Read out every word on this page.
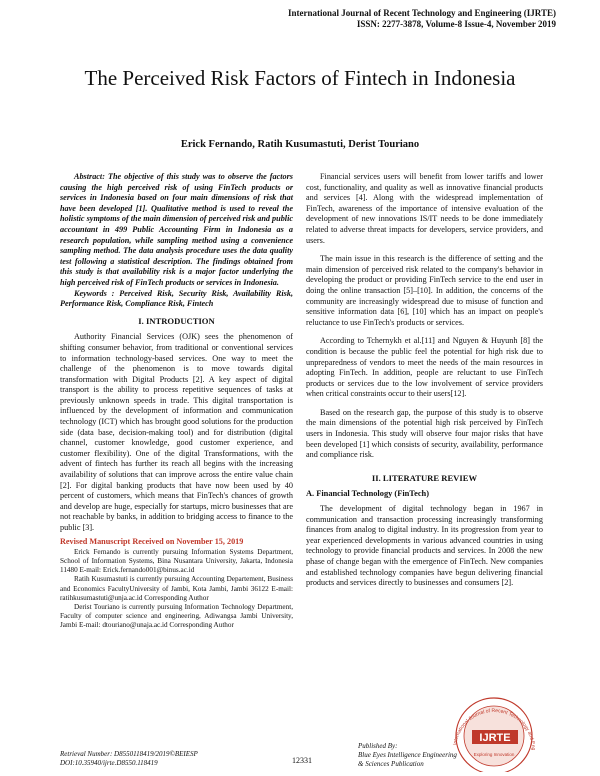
International Journal of Recent Technology and Engineering (IJRTE)
ISSN: 2277-3878, Volume-8 Issue-4, November 2019
The Perceived Risk Factors of Fintech in Indonesia
Erick Fernando, Ratih Kusumastuti, Derist Touriano

Abstract: The objective of this study was to observe the factors causing the high perceived risk of using FinTech products or services in Indonesia based on four main dimensions of risk that have been developed [1]. Qualitative method is used to reveal the holistic symptoms of the main dimension of perceived risk and public accountant in 499 Public Accounting Firm in Indonesia as a research population, while sampling method using a convenience sampling method. The data analysis procedure uses the data quality test following a statistical description. The findings obtained from this study is that availability risk is a major factor underlying the high perceived risk of FinTech products or services in Indonesia.

Keywords : Perceived Risk, Security Risk, Availability Risk, Performance Risk, Compliance Risk, Fintech

I. INTRODUCTION

Authority Financial Services (OJK) sees the phenomenon of shifting consumer behavior, from traditional or conventional services to information technology-based services. One way to meet the challenge of the phenomenon is to move towards digital transformation with Digital Products [2]. A key aspect of digital transport is the ability to process repetitive sequences of tasks at previously unknown speeds in trade. This digital transportation is influenced by the development of information and communication technology (ICT) which has brought good solutions for the production side (data base, decision-making tool) and for distribution (digital channel, customer knowledge, good customer experience, and customer flexibility). One of the digital Transformations, with the advent of fintech has further its reach all begins with the increasing availability of solutions that can improve across the entire value chain [2]. For digital banking products that have now been used by 40 percent of customers, which means that FinTech's chances of growth and develop are huge, especially for startups, micro businesses that are not reachable by banks, in addition to bridging access to finance to the public [3].

Revised Manuscript Received on November 15, 2019

Erick Fernando is currently pursuing Information Systems Department, School of Information Systems, Bina Nusantara University, Jakarta, Indonesia 11480 E-mail: Erick.fernando001@binus.ac.id

Ratih Kusumastuti is currently pursuing Accounting Departement, Business and Economics FacultyUniversity of Jambi, Kota Jambi, Jambi 36122 E-mail: ratihkusumastuti@unja.ac.id Corresponding Author

Derist Touriano is currently pursuing Information Technology Department, Faculty of computer science and engineering, Adiwangsa Jambi University, Jambi E-mail: dtouriano@unaja.ac.id Corresponding Author

Financial services users will benefit from lower tariffs and lower cost, functionality, and quality as well as innovative financial products and services [4]. Along with the widespread implementation of FinTech, awareness of the importance of intensive evaluation of the development of new innovations IS/IT needs to be done immediately related to adverse threat impacts for developers, service providers, and users.

The main issue in this research is the difference of setting and the main dimension of perceived risk related to the company's behavior in developing the product or providing FinTech service to the end user in doing the online transaction [5]–[10]. In addition, the concerns of the community are increasingly widespread due to misuse of function and sensitive information data [6], [10] which has an impact on people's reluctance to use FinTech's products or services.

According to Tchernykh et al.[11] and Nguyen & Huyunh [8] the condition is because the public feel the potential for high risk due to unpreparedness of vendors to meet the needs of the main resources in adopting FinTech. In addition, people are reluctant to use FinTech products or services due to the low involvement of service providers when critical constraints occur to their users[12].

Based on the research gap, the purpose of this study is to observe the main dimensions of the potential high risk perceived by FinTech users in Indonesia. This study will observe four major risks that have been developed [1] which consists of security, availability, performance and compliance risk.

II. LITERATURE REVIEW
A. Financial Technology (FinTech)

The development of digital technology began in 1967 in communication and transaction processing increasingly transforming finances from analog to digital industry. In its progression from year to year experienced developments in various advanced countries in using technology to provide financial products and services. In 2008 the new phase of change began with the emergence of FinTech. New companies and established technology companies have begun delivering financial products and services directly to businesses and consumers [2].

Retrieval Number: D8550118419/2019©BEIESP
DOI:10.35940/ijrte.D8550.118419	12331
Published By:
Blue Eyes Intelligence Engineering
& Sciences Publication
International Journal of Recent Technology and Eng
IJRTE
Exploring Innovation
